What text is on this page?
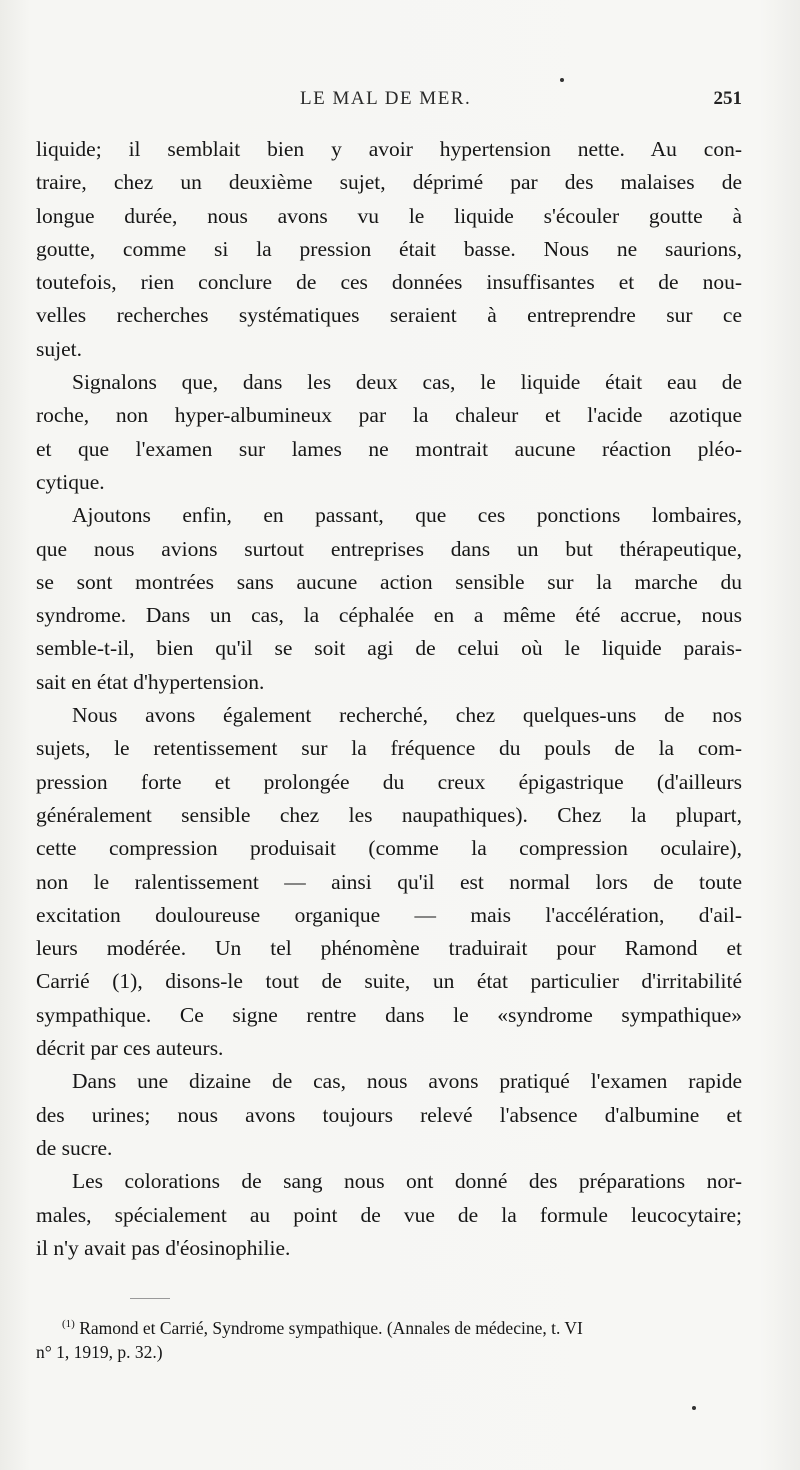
LE MAL DE MER.	251
liquide; il semblait bien y avoir hypertension nette. Au con-
traire, chez un deuxième sujet, déprimé par des malaises de
longue durée, nous avons vu le liquide s'écouler goutte à
goutte, comme si la pression était basse. Nous ne saurions,
toutefois, rien conclure de ces données insuffisantes et de nou-
velles recherches systématiques seraient à entreprendre sur ce
sujet.
Signalons que, dans les deux cas, le liquide était eau de
roche, non hyper-albumineux par la chaleur et l'acide azotique
et que l'examen sur lames ne montrait aucune réaction pléo-
cytique.
Ajoutons enfin, en passant, que ces ponctions lombaires,
que nous avions surtout entreprises dans un but thérapeutique,
se sont montrées sans aucune action sensible sur la marche du
syndrome. Dans un cas, la céphalée en a même été accrue, nous
semble-t-il, bien qu'il se soit agi de celui où le liquide parais-
sait en état d'hypertension.
Nous avons également recherché, chez quelques-uns de nos
sujets, le retentissement sur la fréquence du pouls de la com-
pression forte et prolongée du creux épigastrique (d'ailleurs
généralement sensible chez les naupathiques). Chez la plupart,
cette compression produisait (comme la compression oculaire),
non le ralentissement — ainsi qu'il est normal lors de toute
excitation douloureuse organique — mais l'accélération, d'ail-
leurs modérée. Un tel phénomène traduirait pour Ramond et
Carrié (1), disons-le tout de suite, un état particulier d'irritabilité
sympathique. Ce signe rentre dans le «syndrome sympathique»
décrit par ces auteurs.
Dans une dizaine de cas, nous avons pratiqué l'examen rapide
des urines; nous avons toujours relevé l'absence d'albumine et
de sucre.
Les colorations de sang nous ont donné des préparations nor-
males, spécialement au point de vue de la formule leucocytaire;
il n'y avait pas d'éosinophilie.
$^{(1)}$ Ramond et Carrié, Syndrome sympathique. (Annales de médecine, t. VI
n° 1, 1919, p. 32.)
